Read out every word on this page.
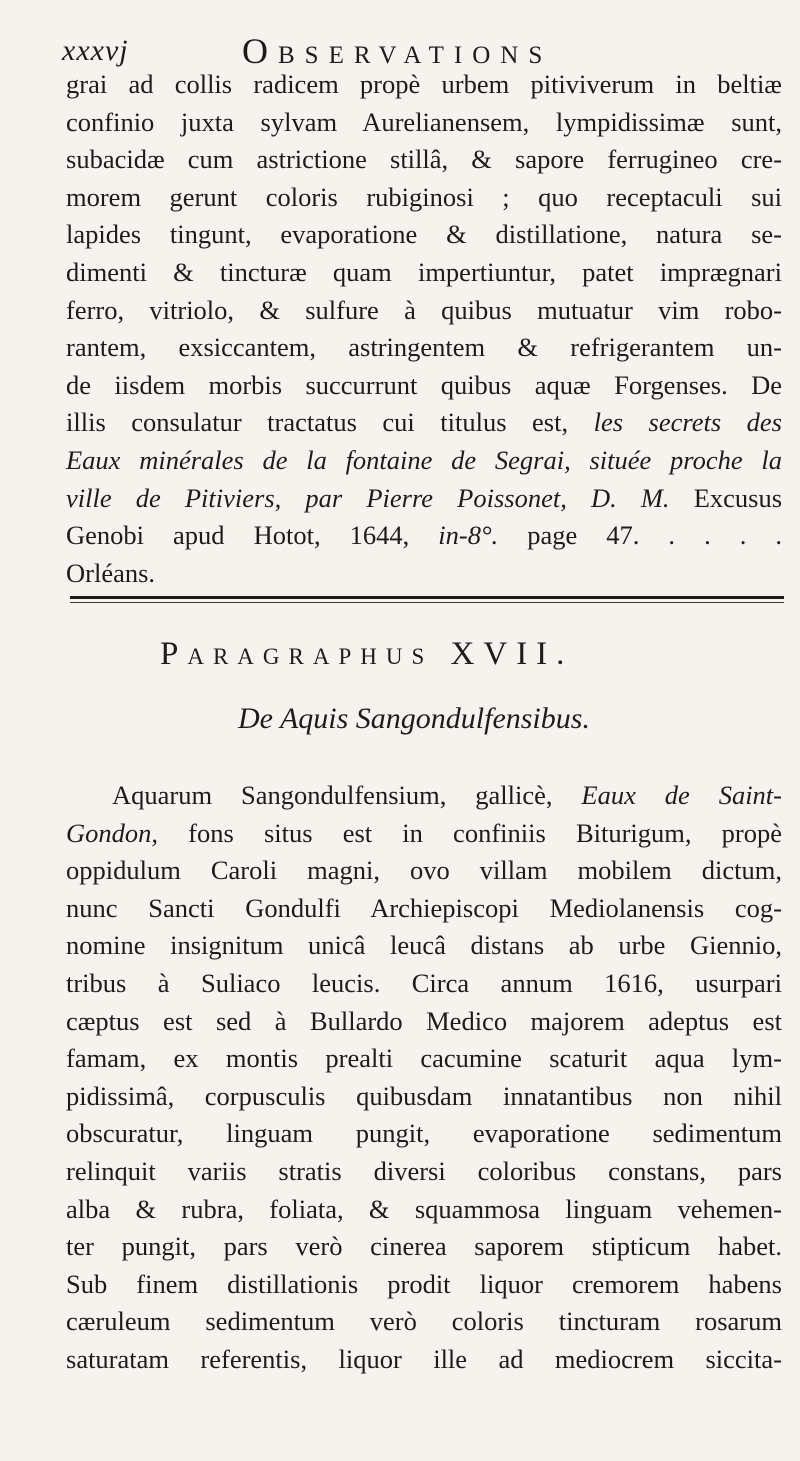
xxxvj	Observations
grai ad collis radicem propè urbem pitiviverum in beltiæ
confinio juxta sylvam Aurelianensem, lympidissimæ sunt,
subacidæ cum astrictione stillâ, & sapore ferrugineo cre-
morem gerunt coloris rubiginosi ; quo receptaculi sui
lapides tingunt, evaporatione & distillatione, natura se-
dimenti & tincturæ quam impertiuntur, patet imprægnari
ferro, vitriolo, & sulfure à quibus mutuatur vim robo-
rantem, exsiccantem, astringentem & refrigerantem un-
de iisdem morbis succurrunt quibus aquæ Forgenses. De
illis consulatur tractatus cui titulus est, les secrets des
Eaux minérales de la fontaine de Segrai, située proche la
ville de Pitiviers, par Pierre Poissonet, D. M. Excusus
Genobi apud Hotot, 1644, in-8°. page 47. . . . .
Orléans.
Paragraphus XVII.
De Aquis Sangondulfensibus.
Aquarum Sangondulfensium, gallicè, Eaux de Saint-
Gondon, fons situs est in confiniis Biturigum, propè
oppidulum Caroli magni, ovo villam mobilem dictum,
nunc Sancti Gondulfi Archiepiscopi Mediolanensis cog-
nomine insignitum unicâ leucâ distans ab urbe Giennio,
tribus à Suliaco leucis. Circa annum 1616, usurpari
cæptus est sed à Bullardo Medico majorem adeptus est
famam, ex montis prealti cacumine scaturit aqua lym-
pidissimâ, corpusculis quibusdam innatantibus non nihil
obscuratur, linguam pungit, evaporatione sedimentum
relinquit variis stratis diversi coloribus constans, pars
alba & rubra, foliata, & squammosa linguam vehemen-
ter pungit, pars verò cinerea saporem stipticum habet.
Sub finem distillationis prodit liquor cremorem habens
cæruleum sedimentum verò coloris tincturam rosarum
saturatam referentis, liquor ille ad mediocrem siccita-
